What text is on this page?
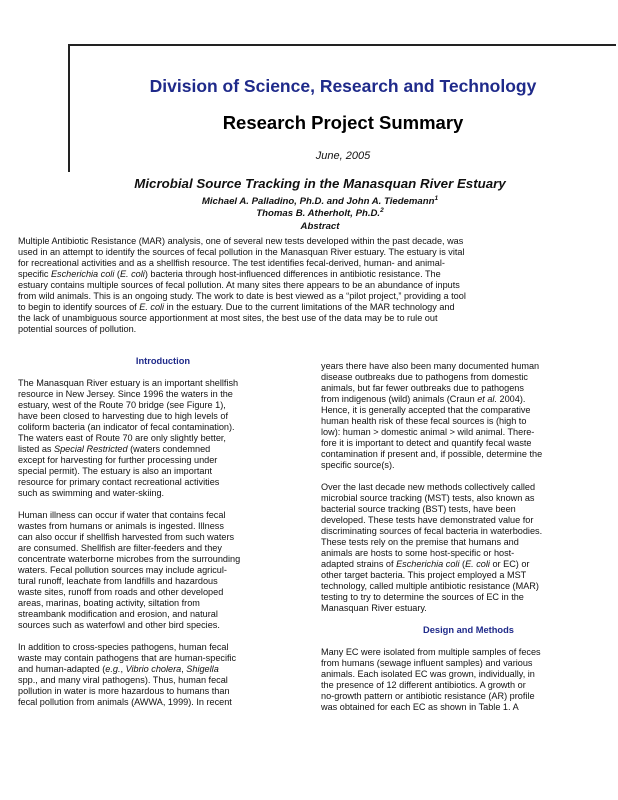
Division of Science, Research and Technology
Research Project Summary
June, 2005
Microbial Source Tracking in the Manasquan River Estuary
Michael A. Palladino, Ph.D. and John A. Tiedemann$^1$
Thomas B. Atherholt, Ph.D.$^2$
Abstract
Multiple Antibiotic Resistance (MAR) analysis, one of several new tests developed within the past decade, was
used in an attempt to identify the sources of fecal pollution in the Manasquan River estuary. The estuary is vital
for recreational activities and as a shellfish resource. The test identifies fecal-derived, human- and animal-
specific Escherichia coli (E. coli) bacteria through host-influenced differences in antibiotic resistance. The
estuary contains multiple sources of fecal pollution. At many sites there appears to be an abundance of inputs
from wild animals. This is an ongoing study. The work to date is best viewed as a “pilot project,” providing a tool
to begin to identify sources of E. coli in the estuary. Due to the current limitations of the MAR technology and
the lack of unambiguous source apportionment at most sites, the best use of the data may be to rule out
potential sources of pollution.
Introduction
The Manasquan River estuary is an important shellfish
resource in New Jersey. Since 1996 the waters in the
estuary, west of the Route 70 bridge (see Figure 1),
have been closed to harvesting due to high levels of
coliform bacteria (an indicator of fecal contamination).
The waters east of Route 70 are only slightly better,
listed as Special Restricted (waters condemned
except for harvesting for further processing under
special permit). The estuary is also an important
resource for primary contact recreational activities
such as swimming and water-skiing.
Human illness can occur if water that contains fecal
wastes from humans or animals is ingested. Illness
can also occur if shellfish harvested from such waters
are consumed. Shellfish are filter-feeders and they
concentrate waterborne microbes from the surrounding
waters. Fecal pollution sources may include agricul-
tural runoff, leachate from landfills and hazardous
waste sites, runoff from roads and other developed
areas, marinas, boating activity, siltation from
streambank modification and erosion, and natural
sources such as waterfowl and other bird species.
In addition to cross-species pathogens, human fecal
waste may contain pathogens that are human-specific
and human-adapted (e.g., Vibrio cholera, Shigella
spp., and many viral pathogens). Thus, human fecal
pollution in water is more hazardous to humans than
fecal pollution from animals (AWWA, 1999). In recent
years there have also been many documented human
disease outbreaks due to pathogens from domestic
animals, but far fewer outbreaks due to pathogens
from indigenous (wild) animals (Craun et al. 2004).
Hence, it is generally accepted that the comparative
human health risk of these fecal sources is (high to
low): human > domestic animal > wild animal. There-
fore it is important to detect and quantify fecal waste
contamination if present and, if possible, determine the
specific source(s).
Over the last decade new methods collectively called
microbial source tracking (MST) tests, also known as
bacterial source tracking (BST) tests, have been
developed. These tests have demonstrated value for
discriminating sources of fecal bacteria in waterbodies.
These tests rely on the premise that humans and
animals are hosts to some host-specific or host-
adapted strains of Escherichia coli (E. coli or EC) or
other target bacteria. This project employed a MST
technology, called multiple antibiotic resistance (MAR)
testing to try to determine the sources of EC in the
Manasquan River estuary.
Design and Methods
Many EC were isolated from multiple samples of feces
from humans (sewage influent samples) and various
animals. Each isolated EC was grown, individually, in
the presence of 12 different antibiotics. A growth or
no-growth pattern or antibiotic resistance (AR) profile
was obtained for each EC as shown in Table 1. A
